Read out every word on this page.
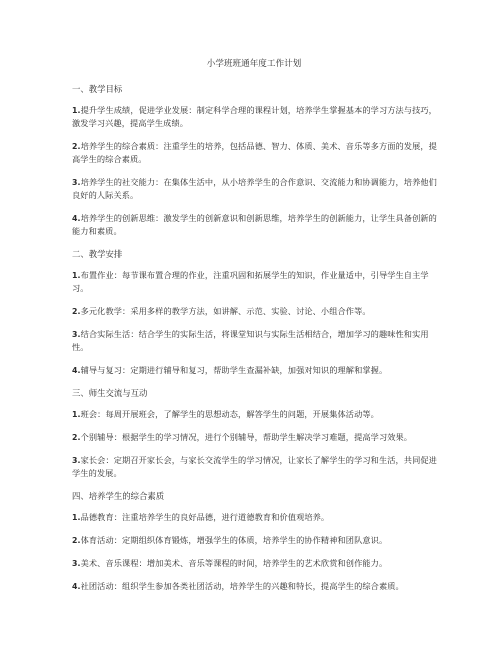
小学班班通年度工作计划
一、教学目标
1.提升学生成绩，促进学业发展：制定科学合理的课程计划，培养学生掌握基本的学习方法与技巧，激发学习兴趣，提高学生成绩。
2.培养学生的综合素质：注重学生的培养，包括品德、智力、体质、美术、音乐等多方面的发展，提高学生的综合素质。
3.培养学生的社交能力：在集体生活中，从小培养学生的合作意识、交流能力和协调能力，培养他们良好的人际关系。
4.培养学生的创新思维：激发学生的创新意识和创新思维，培养学生的创新能力，让学生具备创新的能力和素质。
二、教学安排
1.布置作业：每节课布置合理的作业，注重巩固和拓展学生的知识，作业量适中，引导学生自主学习。
2.多元化教学：采用多样的教学方法，如讲解、示范、实验、讨论、小组合作等。
3.结合实际生活：结合学生的实际生活，将课堂知识与实际生活相结合，增加学习的趣味性和实用性。
4.辅导与复习：定期进行辅导和复习，帮助学生查漏补缺，加强对知识的理解和掌握。
三、师生交流与互动
1.班会：每周开展班会，了解学生的思想动态，解答学生的问题，开展集体活动等。
2.个别辅导：根据学生的学习情况，进行个别辅导，帮助学生解决学习难题，提高学习效果。
3.家长会：定期召开家长会，与家长交流学生的学习情况，让家长了解学生的学习和生活，共同促进学生的发展。
四、培养学生的综合素质
1.品德教育：注重培养学生的良好品德，进行道德教育和价值观培养。
2.体育活动：定期组织体育锻炼，增强学生的体质，培养学生的协作精神和团队意识。
3.美术、音乐课程：增加美术、音乐等课程的时间，培养学生的艺术欣赏和创作能力。
4.社团活动：组织学生参加各类社团活动，培养学生的兴趣和特长，提高学生的综合素质。
